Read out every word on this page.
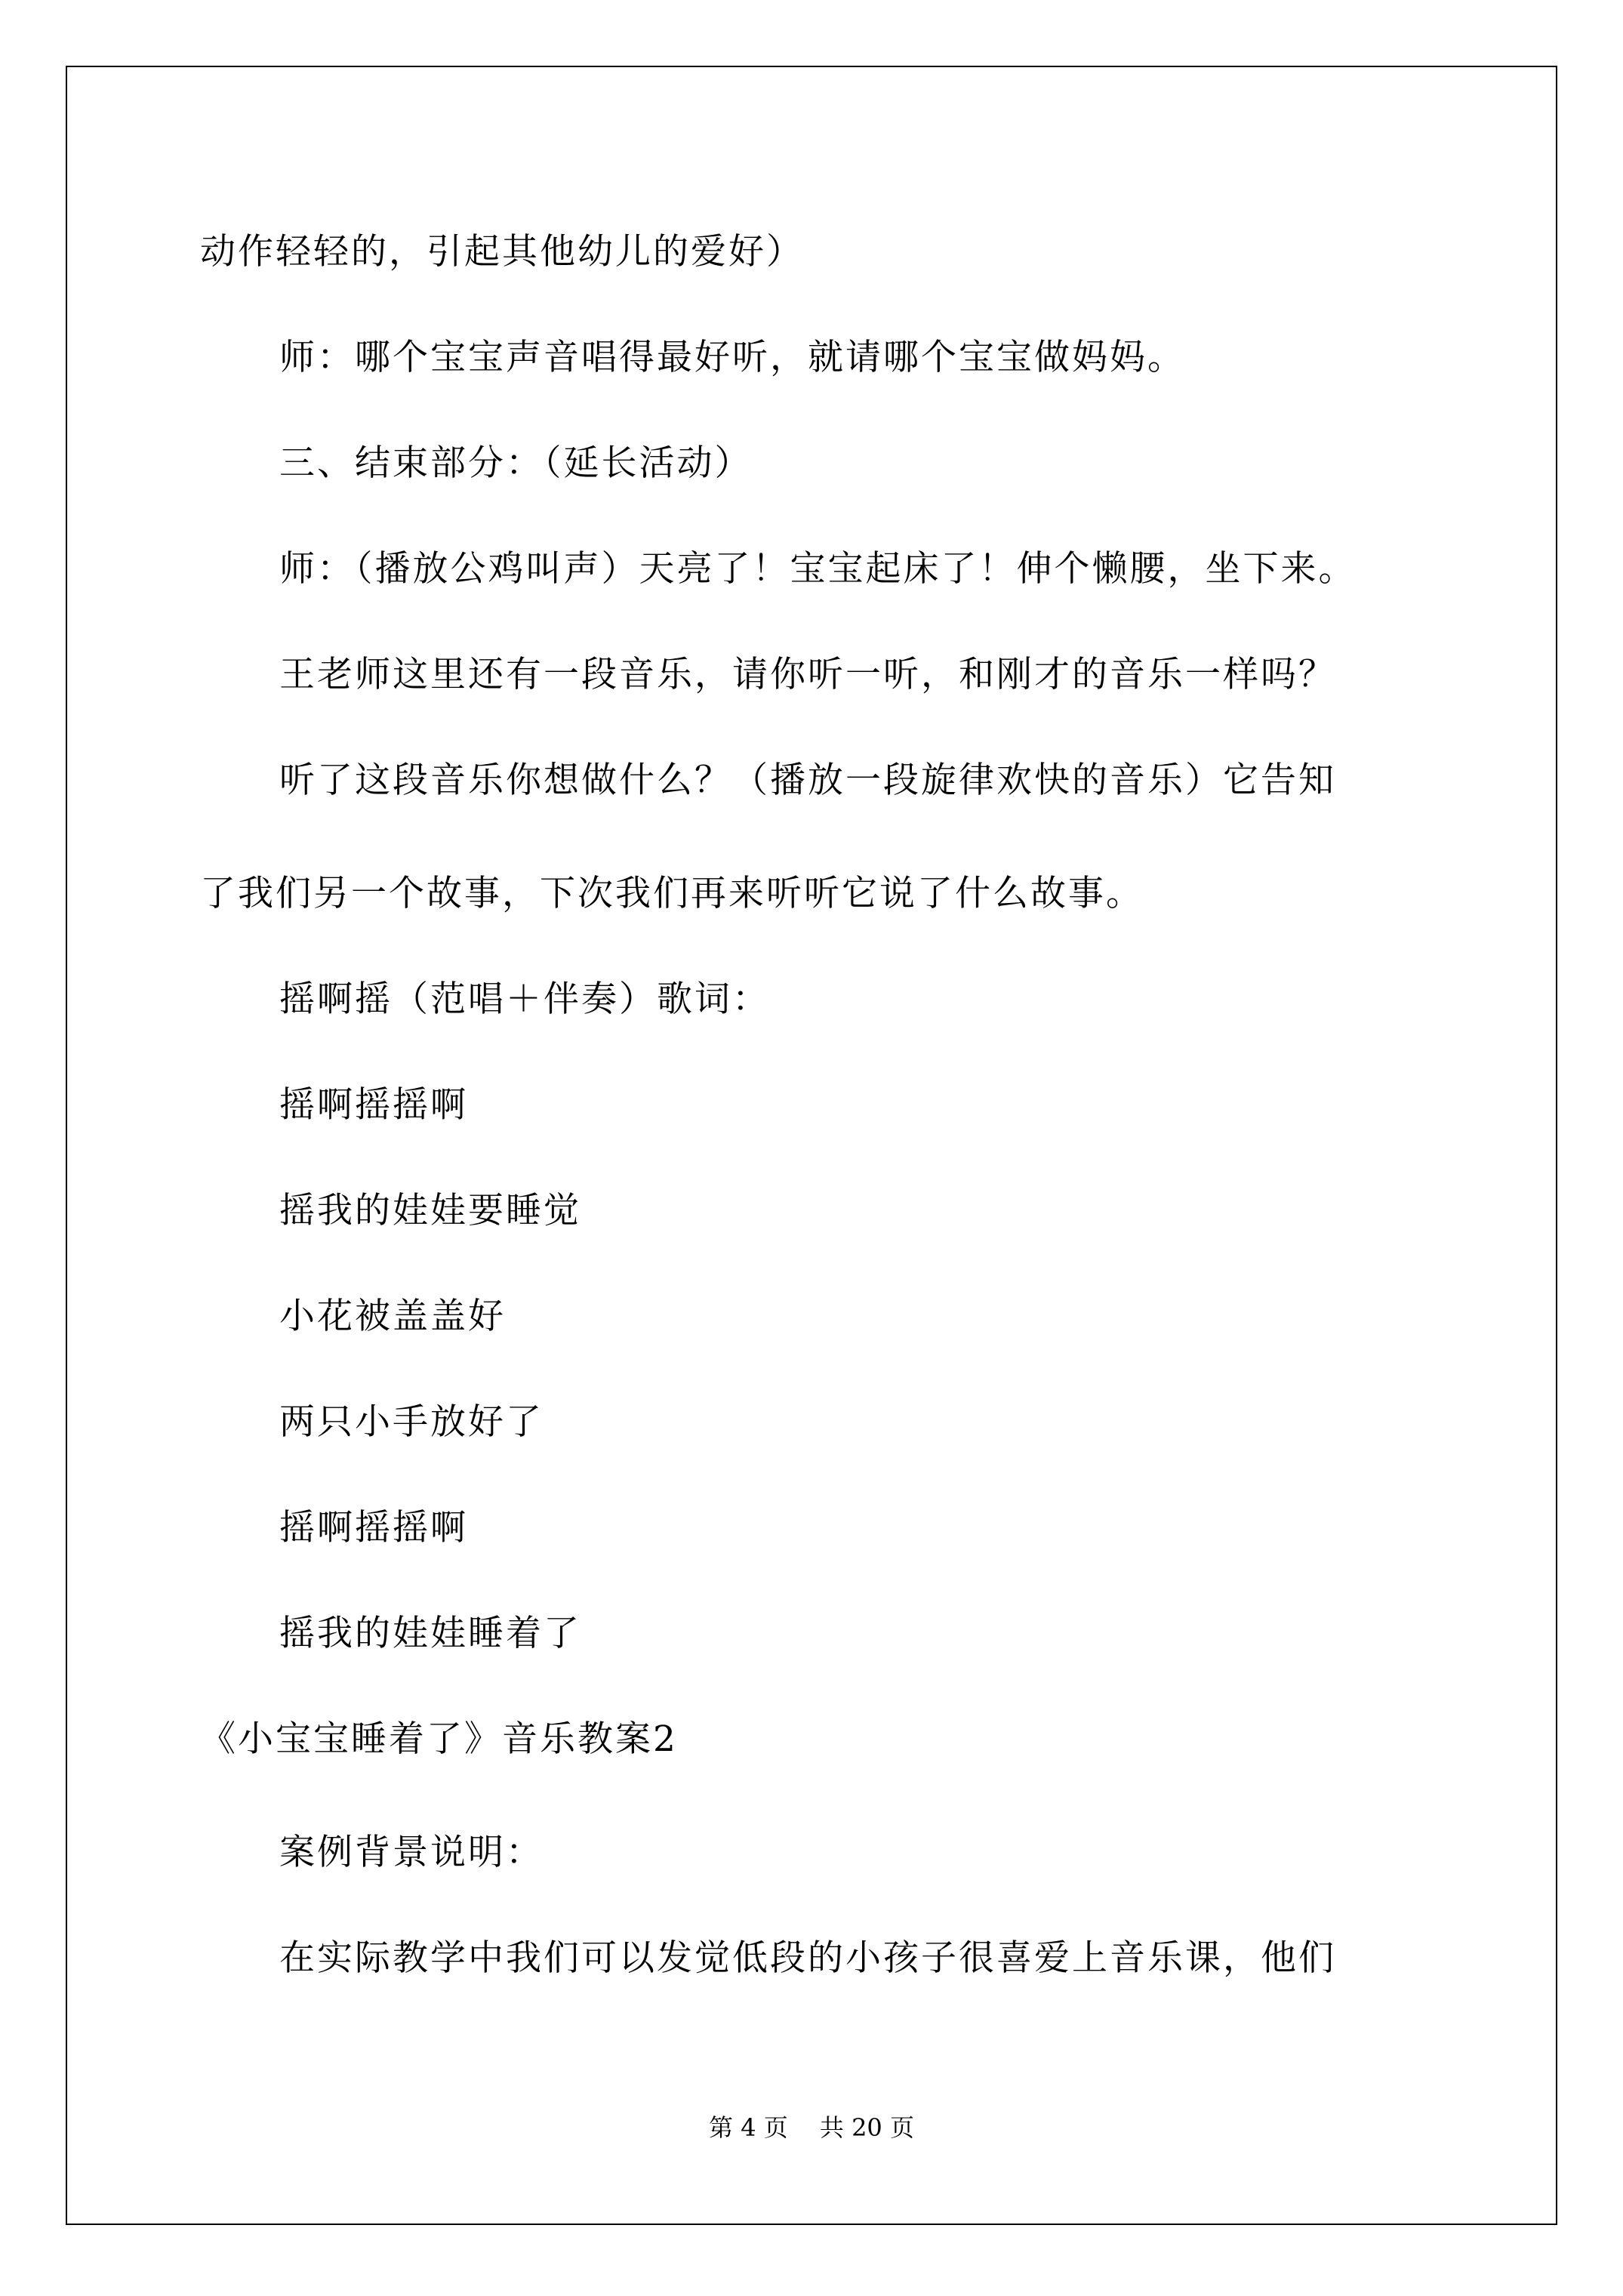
动作轻轻的，引起其他幼儿的爱好）
师：哪个宝宝声音唱得最好听，就请哪个宝宝做妈妈。
三、结束部分：（延长活动）
师：（播放公鸡叫声）天亮了！宝宝起床了！伸个懒腰，坐下来。
王老师这里还有一段音乐，请你听一听，和刚才的音乐一样吗？
听了这段音乐你想做什么？（播放一段旋律欢快的音乐）它告知
了我们另一个故事，下次我们再来听听它说了什么故事。
摇啊摇（范唱＋伴奏）歌词：
摇啊摇摇啊
摇我的娃娃要睡觉
小花被盖盖好
两只小手放好了
摇啊摇摇啊
摇我的娃娃睡着了
《小宝宝睡着了》音乐教案2
案例背景说明：
在实际教学中我们可以发觉低段的小孩子很喜爱上音乐课，他们
第 4 页　 共 20 页
